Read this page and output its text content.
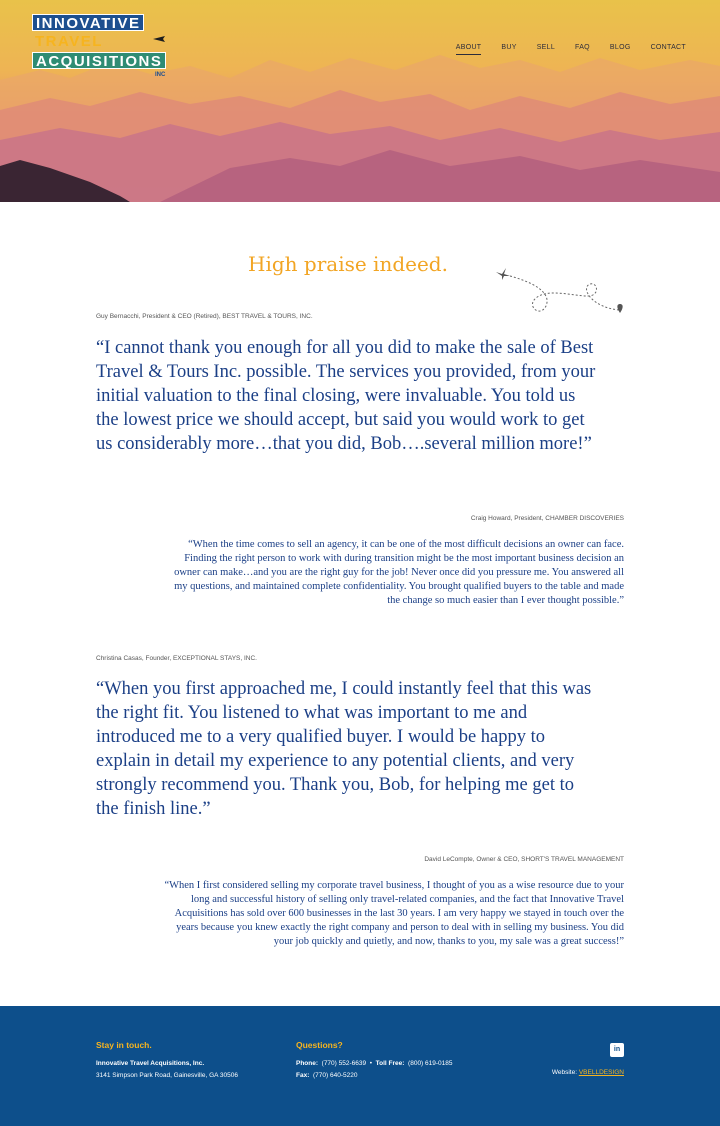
INNOVATIVE
TRAVEL
ACQUISITIONS
INC
ABOUT	BUY	SELL	FAQ	BLOG	CONTACT
High praise indeed.
Guy Bernacchi, President & CEO (Retired), BEST TRAVEL & TOURS, INC.
“I cannot thank you enough for all you did to make the sale of Best Travel & Tours Inc. possible. The services you provided, from your initial valuation to the final closing, were invaluable. You told us the lowest price we should accept, but said you would work to get us considerably more…that you did, Bob….several million more!”
Craig Howard, President, CHAMBER DISCOVERIES
“When the time comes to sell an agency, it can be one of the most difficult decisions an owner can face. Finding the right person to work with during transition might be the most important business decision an owner can make…and you are the right guy for the job! Never once did you pressure me. You answered all my questions, and maintained complete confidentiality. You brought qualified buyers to the table and made the change so much easier than I ever thought possible.”
Christina Casas, Founder, EXCEPTIONAL STAYS, INC.
“When you first approached me, I could instantly feel that this was the right fit. You listened to what was important to me and introduced me to a very qualified buyer. I would be happy to explain in detail my experience to any potential clients, and very strongly recommend you. Thank you, Bob, for helping me get to the finish line.”
David LeCompte, Owner & CEO, SHORT'S TRAVEL MANAGEMENT
“When I first considered selling my corporate travel business, I thought of you as a wise resource due to your long and successful history of selling only travel-related companies, and the fact that Innovative Travel Acquisitions has sold over 600 businesses in the last 30 years. I am very happy we stayed in touch over the years because you knew exactly the right company and person to deal with in selling my business. You did your job quickly and quietly, and now, thanks to you, my sale was a great success!”
Stay in touch.
Innovative Travel Acquisitions, Inc.
3141 Simpson Park Road, Gainesville, GA 30506
Questions?
Phone: (770) 552-6639 • Toll Free: (800) 619-0185
Fax: (770) 640-5220
in
Website: VBELLDESIGN
